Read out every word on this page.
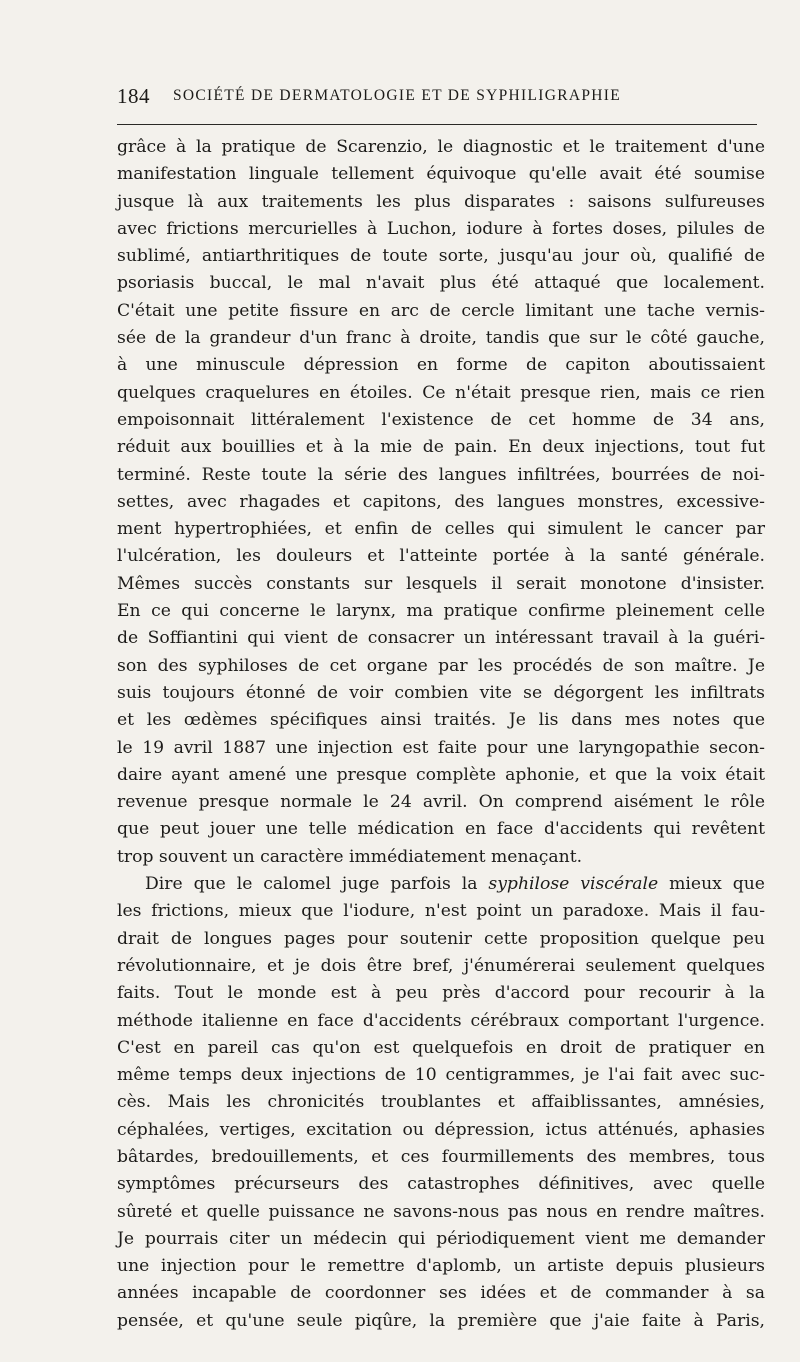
184 SOCIÉTÉ DE DERMATOLOGIE ET DE SYPHILIGRAPHIE
grâce à la pratique de Scarenzio, le diagnostic et le traitement d'une
manifestation linguale tellement équivoque qu'elle avait été soumise
jusque là aux traitements les plus disparates : saisons sulfureuses
avec frictions mercurielles à Luchon, iodure à fortes doses, pilules de
sublimé, antiarthritiques de toute sorte, jusqu'au jour où, qualifié de
psoriasis buccal, le mal n'avait plus été attaqué que localement.
C'était une petite fissure en arc de cercle limitant une tache vernis-
sée de la grandeur d'un franc à droite, tandis que sur le côté gauche,
à une minuscule dépression en forme de capiton aboutissaient
quelques craquelures en étoiles. Ce n'était presque rien, mais ce rien
empoisonnait littéralement l'existence de cet homme de 34 ans,
réduit aux bouillies et à la mie de pain. En deux injections, tout fut
terminé. Reste toute la série des langues infiltrées, bourrées de noi-
settes, avec rhagades et capitons, des langues monstres, excessive-
ment hypertrophiées, et enfin de celles qui simulent le cancer par
l'ulcération, les douleurs et l'atteinte portée à la santé générale.
Mêmes succès constants sur lesquels il serait monotone d'insister.
En ce qui concerne le larynx, ma pratique confirme pleinement celle
de Soffiantini qui vient de consacrer un intéressant travail à la guéri-
son des syphiloses de cet organe par les procédés de son maître. Je
suis toujours étonné de voir combien vite se dégorgent les infiltrats
et les œdèmes spécifiques ainsi traités. Je lis dans mes notes que
le 19 avril 1887 une injection est faite pour une laryngopathie secon-
daire ayant amené une presque complète aphonie, et que la voix était
revenue presque normale le 24 avril. On comprend aisément le rôle
que peut jouer une telle médication en face d'accidents qui revêtent
trop souvent un caractère immédiatement menaçant.
Dire que le calomel juge parfois la syphilose viscérale mieux que
les frictions, mieux que l'iodure, n'est point un paradoxe. Mais il fau-
drait de longues pages pour soutenir cette proposition quelque peu
révolutionnaire, et je dois être bref, j'énumérerai seulement quelques
faits. Tout le monde est à peu près d'accord pour recourir à la
méthode italienne en face d'accidents cérébraux comportant l'urgence.
C'est en pareil cas qu'on est quelquefois en droit de pratiquer en
même temps deux injections de 10 centigrammes, je l'ai fait avec suc-
cès. Mais les chronicités troublantes et affaiblissantes, amnésies,
céphalées, vertiges, excitation ou dépression, ictus atténués, aphasies
bâtardes, bredouillements, et ces fourmillements des membres, tous
symptômes précurseurs des catastrophes définitives, avec quelle
sûreté et quelle puissance ne savons-nous pas nous en rendre maîtres.
Je pourrais citer un médecin qui périodiquement vient me demander
une injection pour le remettre d'aplomb, un artiste depuis plusieurs
années incapable de coordonner ses idées et de commander à sa
pensée, et qu'une seule piqûre, la première que j'aie faite à Paris,
